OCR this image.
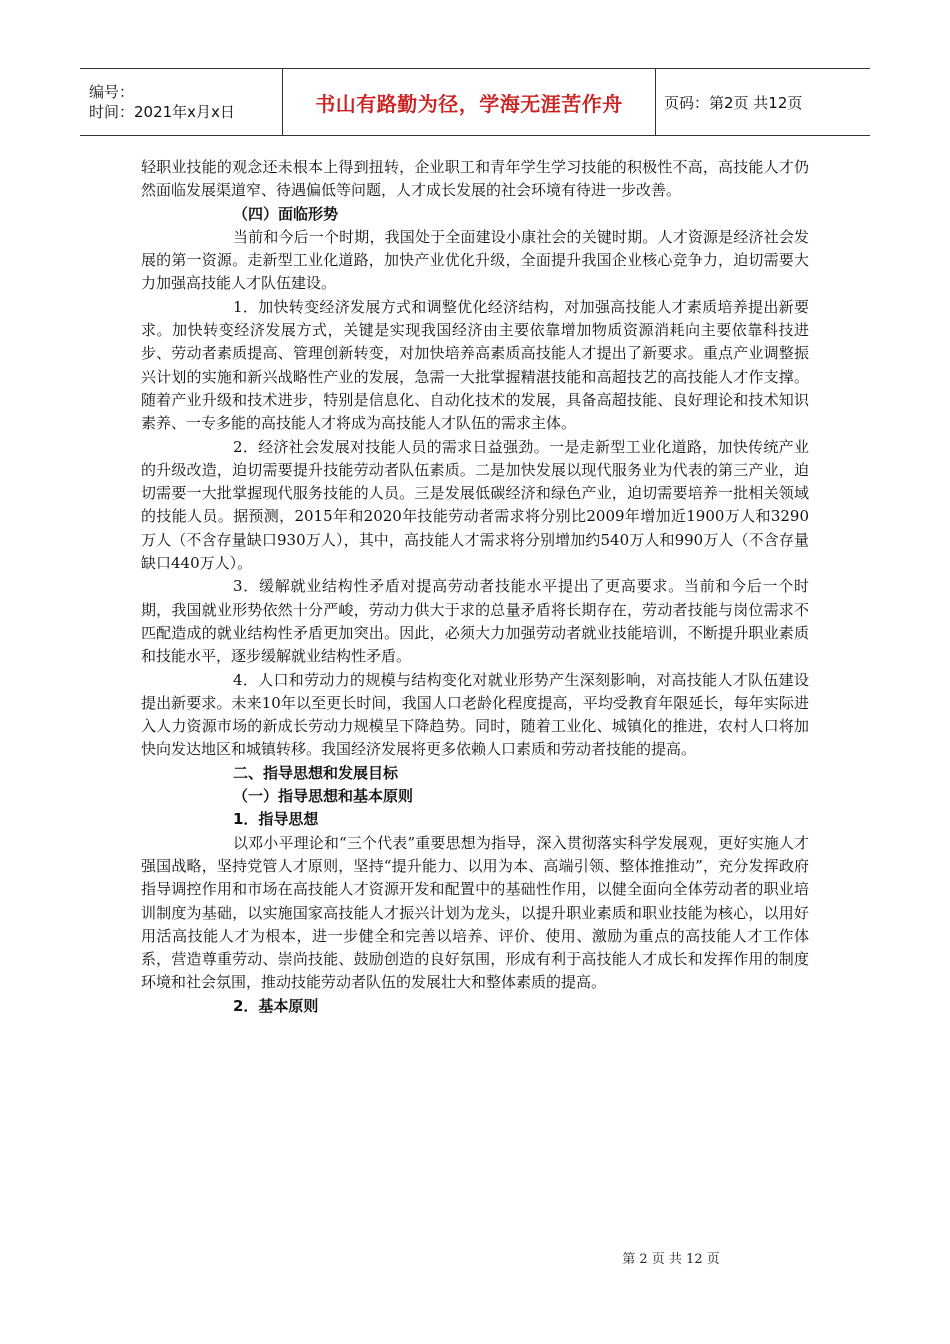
编号：
时间：2021年x月x日	书山有路勤为径，学海无涯苦作舟	页码：第2页 共12页

轻职业技能的观念还未根本上得到扭转，企业职工和青年学生学习技能的积极性不高，高技能人才仍然面临发展渠道窄、待遇偏低等问题，人才成长发展的社会环境有待进一步改善。

（四）面临形势

当前和今后一个时期，我国处于全面建设小康社会的关键时期。人才资源是经济社会发展的第一资源。走新型工业化道路，加快产业优化升级，全面提升我国企业核心竞争力，迫切需要大力加强高技能人才队伍建设。

1．加快转变经济发展方式和调整优化经济结构，对加强高技能人才素质培养提出新要求。加快转变经济发展方式，关键是实现我国经济由主要依靠增加物质资源消耗向主要依靠科技进步、劳动者素质提高、管理创新转变，对加快培养高素质高技能人才提出了新要求。重点产业调整振兴计划的实施和新兴战略性产业的发展，急需一大批掌握精湛技能和高超技艺的高技能人才作支撑。随着产业升级和技术进步，特别是信息化、自动化技术的发展，具备高超技能、良好理论和技术知识素养、一专多能的高技能人才将成为高技能人才队伍的需求主体。

2．经济社会发展对技能人员的需求日益强劲。一是走新型工业化道路，加快传统产业的升级改造，迫切需要提升技能劳动者队伍素质。二是加快发展以现代服务业为代表的第三产业，迫切需要一大批掌握现代服务技能的人员。三是发展低碳经济和绿色产业，迫切需要培养一批相关领域的技能人员。据预测，2015年和2020年技能劳动者需求将分别比2009年增加近1900万人和3290万人（不含存量缺口930万人），其中，高技能人才需求将分别增加约540万人和990万人（不含存量缺口440万人）。

3．缓解就业结构性矛盾对提高劳动者技能水平提出了更高要求。当前和今后一个时期，我国就业形势依然十分严峻，劳动力供大于求的总量矛盾将长期存在，劳动者技能与岗位需求不匹配造成的就业结构性矛盾更加突出。因此，必须大力加强劳动者就业技能培训，不断提升职业素质和技能水平，逐步缓解就业结构性矛盾。

4．人口和劳动力的规模与结构变化对就业形势产生深刻影响，对高技能人才队伍建设提出新要求。未来10年以至更长时间，我国人口老龄化程度提高，平均受教育年限延长，每年实际进入人力资源市场的新成长劳动力规模呈下降趋势。同时，随着工业化、城镇化的推进，农村人口将加快向发达地区和城镇转移。我国经济发展将更多依赖人口素质和劳动者技能的提高。

二、指导思想和发展目标

（一）指导思想和基本原则

1．指导思想

以邓小平理论和“三个代表”重要思想为指导，深入贯彻落实科学发展观，更好实施人才强国战略，坚持党管人才原则，坚持“提升能力、以用为本、高端引领、整体推推动”，充分发挥政府指导调控作用和市场在高技能人才资源开发和配置中的基础性作用，以健全面向全体劳动者的职业培训制度为基础，以实施国家高技能人才振兴计划为龙头，以提升职业素质和职业技能为核心，以用好用活高技能人才为根本，进一步健全和完善以培养、评价、使用、激励为重点的高技能人才工作体系，营造尊重劳动、崇尚技能、鼓励创造的良好氛围，形成有利于高技能人才成长和发挥作用的制度环境和社会氛围，推动技能劳动者队伍的发展壮大和整体素质的提高。

2．基本原则

第 2 页 共 12 页
